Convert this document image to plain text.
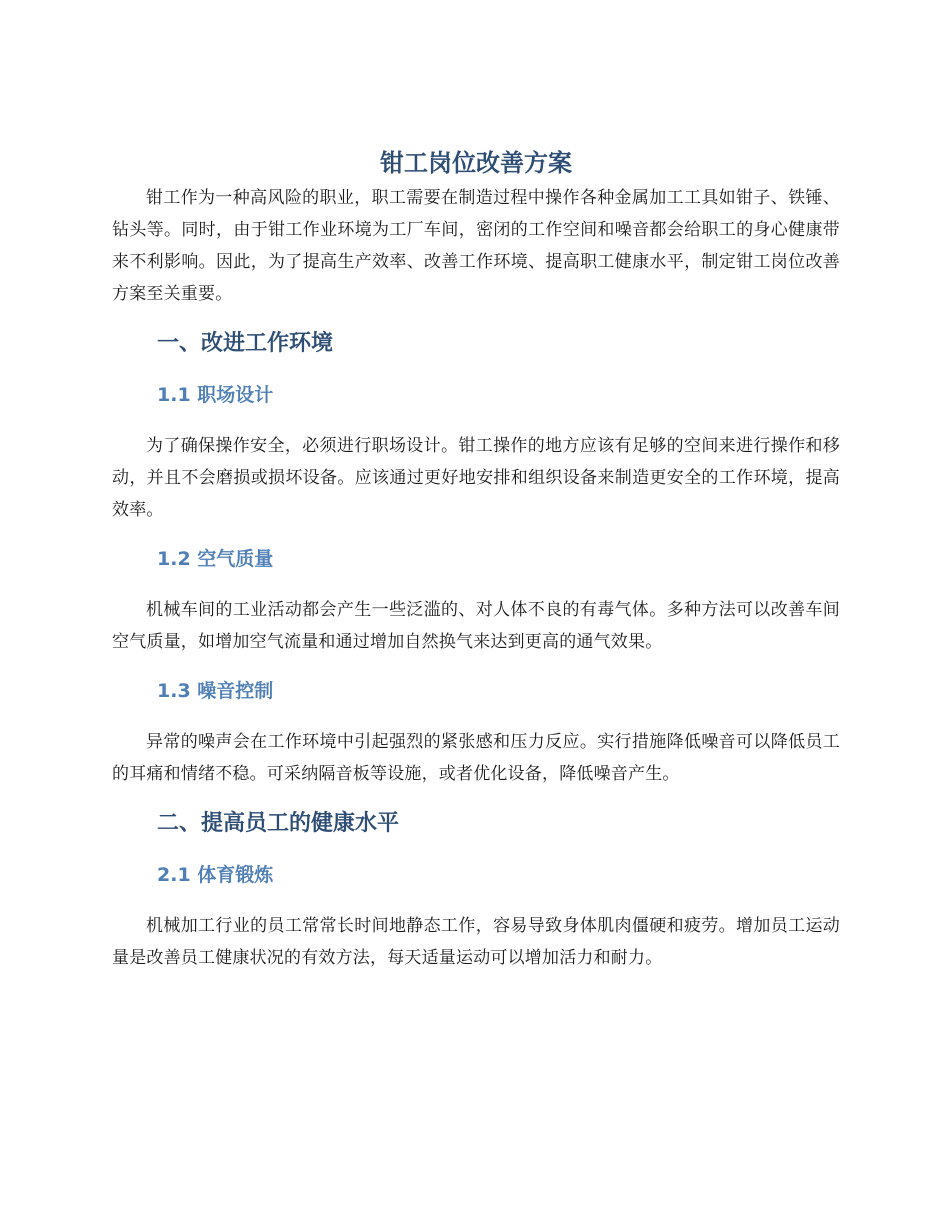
钳工岗位改善方案

钳工作为一种高风险的职业，职工需要在制造过程中操作各种金属加工工具如钳子、铁锤、钻头等。同时，由于钳工作业环境为工厂车间，密闭的工作空间和噪音都会给职工的身心健康带来不利影响。因此，为了提高生产效率、改善工作环境、提高职工健康水平，制定钳工岗位改善方案至关重要。

一、改进工作环境
1.1 职场设计

为了确保操作安全，必须进行职场设计。钳工操作的地方应该有足够的空间来进行操作和移动，并且不会磨损或损坏设备。应该通过更好地安排和组织设备来制造更安全的工作环境，提高效率。

1.2 空气质量

机械车间的工业活动都会产生一些泛滥的、对人体不良的有毒气体。多种方法可以改善车间空气质量，如增加空气流量和通过增加自然换气来达到更高的通气效果。

1.3 噪音控制

异常的噪声会在工作环境中引起强烈的紧张感和压力反应。实行措施降低噪音可以降低员工的耳痛和情绪不稳。可采纳隔音板等设施，或者优化设备，降低噪音产生。

二、提高员工的健康水平
2.1 体育锻炼

机械加工行业的员工常常长时间地静态工作，容易导致身体肌肉僵硬和疲劳。增加员工运动量是改善员工健康状况的有效方法，每天适量运动可以增加活力和耐力。
